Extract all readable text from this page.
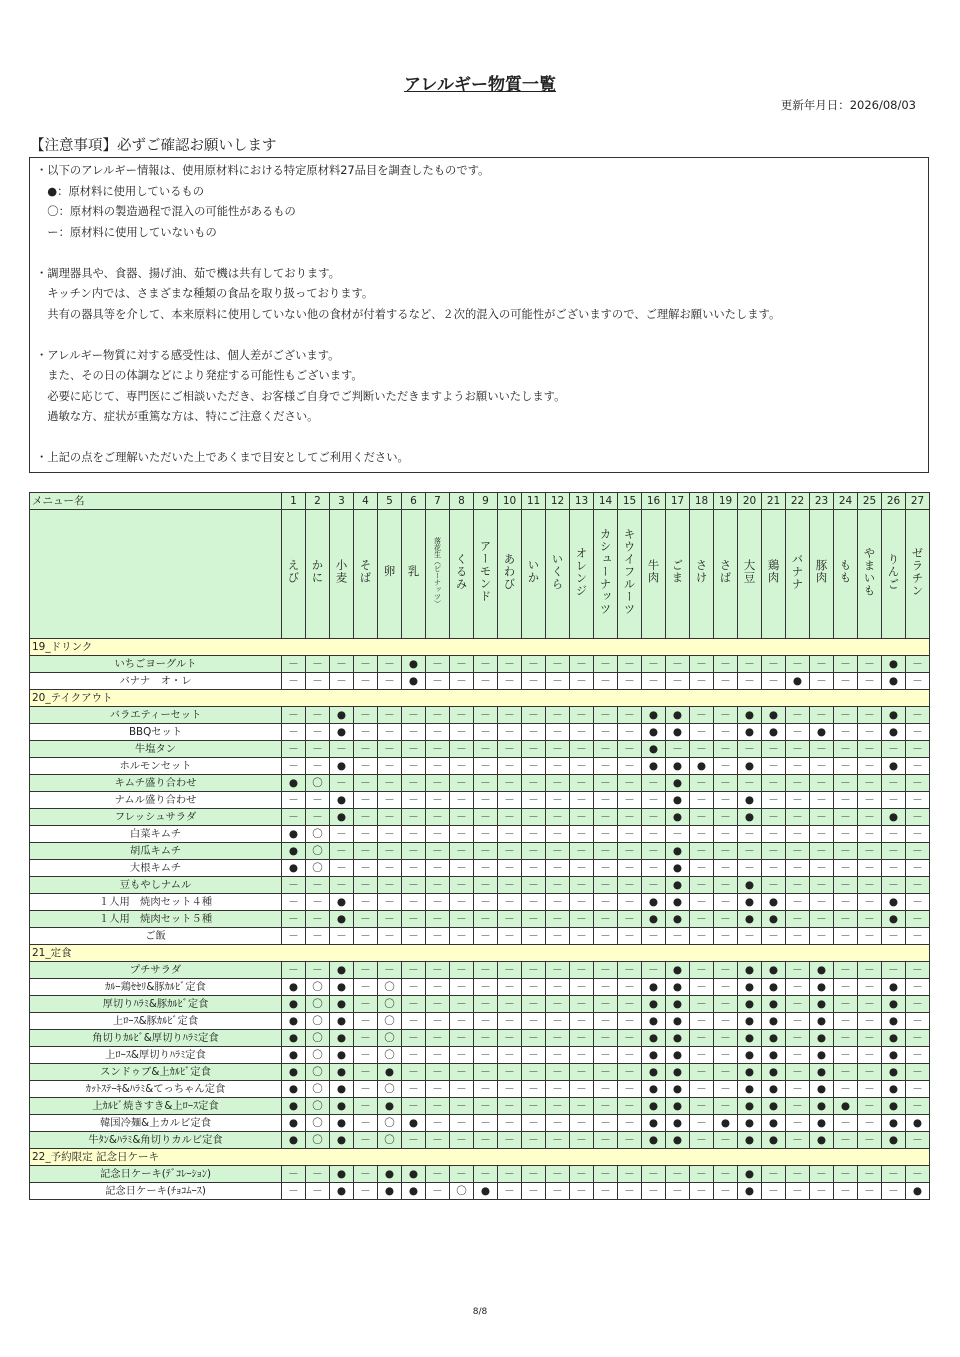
アレルギー物質一覧
更新年月日：2026/08/03
【注意事項】必ずご確認お願いします
・以下のアレルギー情報は、使用原材料における特定原材料27品目を調査したものです。
　●：原材料に使用しているもの
　〇：原材料の製造過程で混入の可能性があるもの
　ー：原材料に使用していないもの
・調理器具や、食器、揚げ油、茹で機は共有しております。
　キッチン内では、さまざまな種類の食品を取り扱っております。
　共有の器具等を介して、本来原料に使用していない他の食材が付着するなど、２次的混入の可能性がございますので、ご理解お願いいたします。
・アレルギー物質に対する感受性は、個人差がございます。
　また、その日の体調などにより発症する可能性もございます。
　必要に応じて、専門医にご相談いただき、お客様ご自身でご判断いただきますようお願いいたします。
　過敏な方、症状が重篤な方は、特にご注意ください。
・上記の点をご理解いただいた上であくまで目安としてご利用ください。
メニュー名	1	2	3	4	5	6	7	8	9	10	11	12	13	14	15	16	17	18	19	20	21	22	23	24	25	26	27
	えび	かに	小麦	そば	卵	乳	落花生（ピーナッツ）	くるみ	アーモンド	あわび	いか	いくら	オレンジ	カシューナッツ	キウイフルーツ	牛肉	ごま	さけ	さば	大豆	鶏肉	バナナ	豚肉	もも	やまいも	りんご	ゼラチン
19_ドリンク																											
いちごヨーグルト	－	－	－	－	－	●	－	－	－	－	－	－	－	－	－	－	－	－	－	－	－	－	－	－	－	●	－
バナナ　オ・レ	－	－	－	－	－	●	－	－	－	－	－	－	－	－	－	－	－	－	－	－	－	●	－	－	－	●	－
20_テイクアウト																											
バラエティーセット	－	－	●	－	－	－	－	－	－	－	－	－	－	－	－	●	●	－	－	●	●	－	－	－	－	●	－
BBQセット	－	－	●	－	－	－	－	－	－	－	－	－	－	－	－	●	●	－	－	●	●	－	●	－	－	●	－
牛塩タン	－	－	－	－	－	－	－	－	－	－	－	－	－	－	－	●	－	－	－	－	－	－	－	－	－	－	－
ホルモンセット	－	－	●	－	－	－	－	－	－	－	－	－	－	－	－	●	●	●	－	●	－	－	－	－	－	●	－
キムチ盛り合わせ	●	〇	－	－	－	－	－	－	－	－	－	－	－	－	－	－	●	－	－	－	－	－	－	－	－	－	－
ナムル盛り合わせ	－	－	●	－	－	－	－	－	－	－	－	－	－	－	－	－	●	－	－	●	－	－	－	－	－	－	－
フレッシュサラダ	－	－	●	－	－	－	－	－	－	－	－	－	－	－	－	－	●	－	－	●	－	－	－	－	－	●	－
白菜キムチ	●	〇	－	－	－	－	－	－	－	－	－	－	－	－	－	－	－	－	－	－	－	－	－	－	－	－	－
胡瓜キムチ	●	〇	－	－	－	－	－	－	－	－	－	－	－	－	－	－	●	－	－	－	－	－	－	－	－	－	－
大根キムチ	●	〇	－	－	－	－	－	－	－	－	－	－	－	－	－	－	●	－	－	－	－	－	－	－	－	－	－
豆もやしナムル	－	－	－	－	－	－	－	－	－	－	－	－	－	－	－	－	●	－	－	●	－	－	－	－	－	－	－
１人用　焼肉セット４種	－	－	●	－	－	－	－	－	－	－	－	－	－	－	－	●	●	－	－	●	●	－	－	－	－	●	－
１人用　焼肉セット５種	－	－	●	－	－	－	－	－	－	－	－	－	－	－	－	●	●	－	－	●	●	－	－	－	－	●	－
ご飯	－	－	－	－	－	－	－	－	－	－	－	－	－	－	－	－	－	－	－	－	－	－	－	－	－	－	－
21_定食																											
プチサラダ	－	－	●	－	－	－	－	－	－	－	－	－	－	－	－	－	●	－	－	●	●	－	●	－	－	－	－
ｶﾙｰ鶏ｾｾﾘ&豚ｶﾙﾋﾞ定食	●	〇	●	－	〇	－	－	－	－	－	－	－	－	－	－	●	●	－	－	●	●	－	●	－	－	●	－
厚切りﾊﾗﾐ&豚ｶﾙﾋﾞ定食	●	〇	●	－	〇	－	－	－	－	－	－	－	－	－	－	●	●	－	－	●	●	－	●	－	－	●	－
上ﾛｰｽ&豚ｶﾙﾋﾞ定食	●	〇	●	－	〇	－	－	－	－	－	－	－	－	－	－	●	●	－	－	●	●	－	●	－	－	●	－
角切りｶﾙﾋﾞ&厚切りﾊﾗﾐ定食	●	〇	●	－	〇	－	－	－	－	－	－	－	－	－	－	●	●	－	－	●	●	－	●	－	－	●	－
上ﾛｰｽ&厚切りﾊﾗﾐ定食	●	〇	●	－	〇	－	－	－	－	－	－	－	－	－	－	●	●	－	－	●	●	－	●	－	－	●	－
スンドゥブ&上ｶﾙﾋﾞ定食	●	〇	●	－	●	－	－	－	－	－	－	－	－	－	－	●	●	－	－	●	●	－	●	－	－	●	－
ｶｯﾄｽﾃｰｷ&ﾊﾗﾐ&てっちゃん定食	●	〇	●	－	〇	－	－	－	－	－	－	－	－	－	－	●	●	－	－	●	●	－	●	－	－	●	－
上ｶﾙﾋﾞ焼きすき&上ﾛｰｽ定食	●	〇	●	－	●	－	－	－	－	－	－	－	－	－	－	●	●	－	－	●	●	－	●	●	－	●	－
韓国冷麺&上カルビ定食	●	〇	●	－	〇	●	－	－	－	－	－	－	－	－	－	●	●	－	●	●	●	－	●	－	－	●	●
牛ﾀﾝ&ﾊﾗﾐ&角切りカルビ定食	●	〇	●	－	〇	－	－	－	－	－	－	－	－	－	－	●	●	－	－	●	●	－	●	－	－	●	－
22_予約限定 記念日ケーキ																											
記念日ケーキ(ﾃﾞｺﾚｰｼｮﾝ)	－	－	●	－	●	●	－	－	－	－	－	－	－	－	－	－	－	－	－	●	－	－	－	－	－	－	－
記念日ケーキ(ﾁｮｺﾑｰｽ)	－	－	●	－	●	●	－	〇	●	－	－	－	－	－	－	－	－	－	－	●	－	－	－	－	－	－	●
8/8
